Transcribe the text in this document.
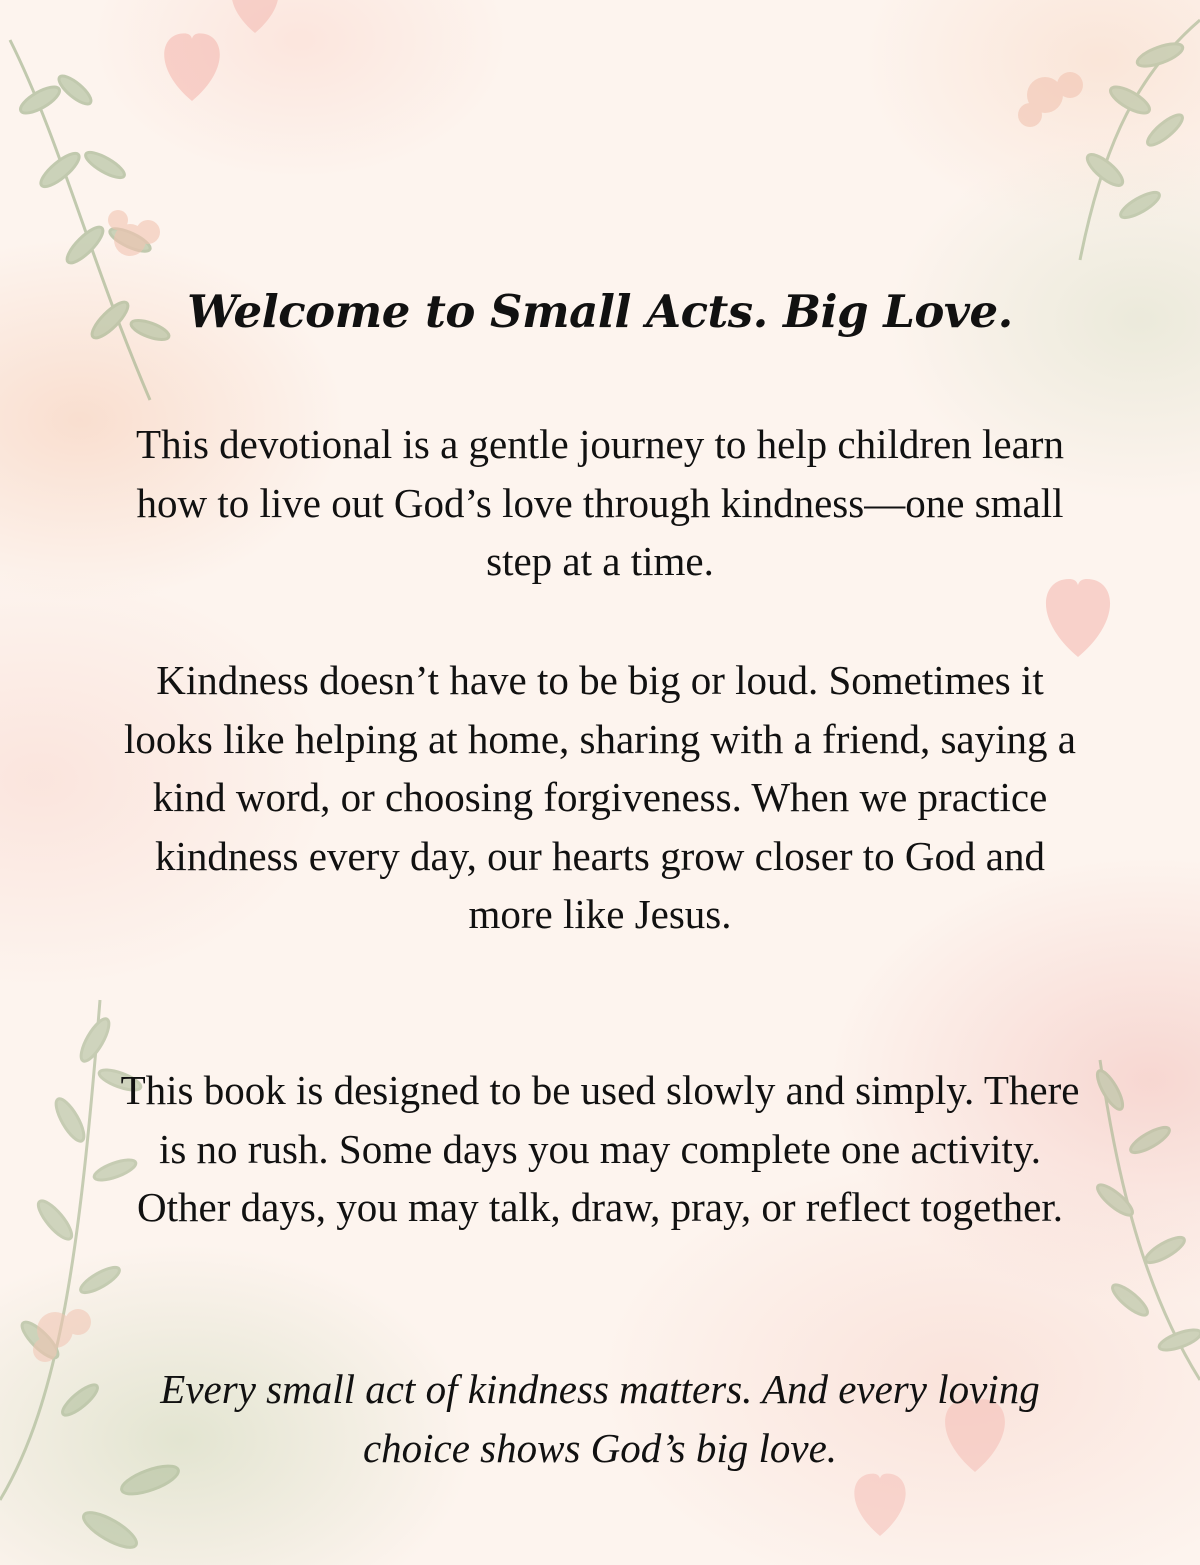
Welcome to Small Acts. Big Love.

This devotional is a gentle journey to help children learn how to live out God’s love through kindness—one small step at a time.

Kindness doesn’t have to be big or loud. Sometimes it looks like helping at home, sharing with a friend, saying a kind word, or choosing forgiveness. When we practice kindness every day, our hearts grow closer to God and more like Jesus.

This book is designed to be used slowly and simply. There is no rush. Some days you may complete one activity. Other days, you may talk, draw, pray, or reflect together.

Every small act of kindness matters. And every loving choice shows God’s big love.
